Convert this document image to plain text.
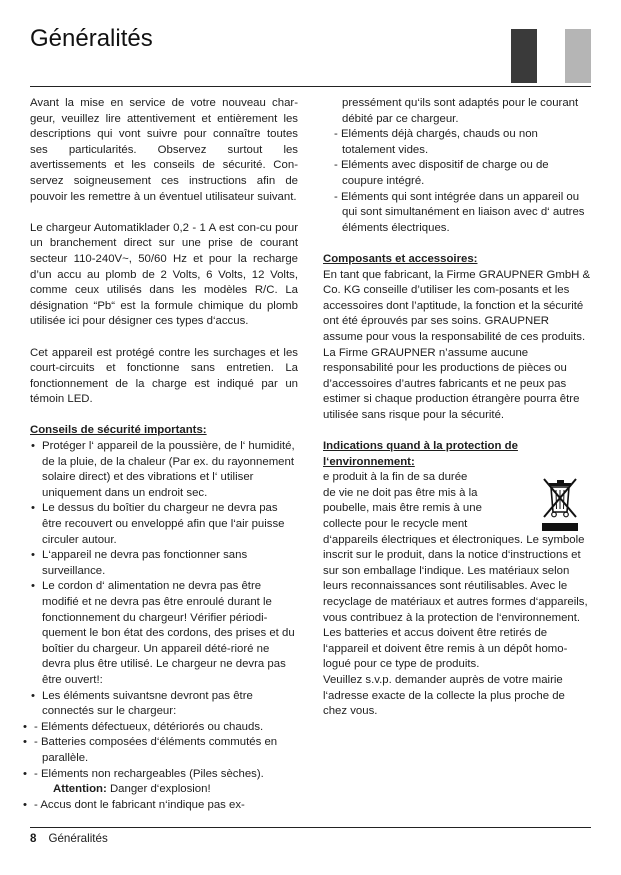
Généralités

Avant la mise en service de votre nouveau char-geur, veuillez lire attentivement et entièrement les descriptions qui vont suivre pour connaître toutes ses particularités. Observez surtout les avertissements et les conseils de sécurité. Con-servez soigneusement ces instructions afin de pouvoir les remettre à un éventuel utilisateur suivant.

Le chargeur Automatiklader 0,2 - 1 A est con-cu pour un branchement direct sur une prise de courant secteur 110-240V~, 50/60 Hz et pour la recharge d’un accu au plomb de 2 Volts, 6 Volts, 12 Volts, comme ceux utilisés dans les modèles R/C. La désignation “Pb“ est la formule chimique du plomb utilisée ici pour désigner ces types d‘accus.

Cet appareil est protégé contre les surchages et les court-circuits et fonctionne sans entretien. La fonctionnement de la charge est indiqué par un témoin LED.

Conseils de sécurité importants:

• Protéger l‘ appareil de la poussière, de l‘ humidité, de la pluie, de la chaleur (Par ex. du rayonnement solaire direct) et des vibrations et l‘ utiliser uniquement dans un endroit sec.
• Le dessus du boîtier du chargeur ne devra pas être recouvert ou enveloppé afin que l‘air puisse circuler autour.
• L‘appareil ne devra pas fonctionner sans surveillance.
• Le cordon d‘ alimentation ne devra pas être modifié et ne devra pas être enroulé durant le fonctionnement du chargeur! Vérifier périodi-quement le bon état des cordons, des prises et du boîtier du chargeur. Un appareil dété-rioré ne devra plus être utilisé. Le chargeur ne devra pas être ouvert!:
• Les éléments suivantsne devront pas être connectés sur le chargeur:
• - Eléments défectueux, détériorés ou chauds.
• - Batteries composées d‘éléments commutés en parallèle.
• - Eléments non rechargeables (Piles sèches).
Attention: Danger d‘explosion!
• - Accus dont le fabricant n‘indique pas ex-
pressément qu‘ils sont adaptés pour le courant débité par ce chargeur.
- Eléments déjà chargés, chauds ou non totalement vides.
- Eléments avec dispositif de charge ou de coupure intégré.
- Eléments qui sont intégrée dans un appareil ou qui sont simultanément en liaison avec d‘ autres éléments électriques.

Composants et accessoires:

En tant que fabricant, la Firme GRAUPNER GmbH & Co. KG conseille d’utiliser les com-posants et les accessoires dont l’aptitude, la fonction et la sécurité ont été éprouvés par ses soins. GRAUPNER assume pour vous la responsabilité de ces produits. La Firme GRAUPNER n’assume aucune responsabilité pour les productions de pièces ou d’accessoires d’autres fabricants et ne peux pas estimer si chaque production étrangère pourra être utilisée sans risque pour la sécurité.

Indications quand à la protection de l‘environnement:

e produit à la fin de sa durée
de vie ne doit pas être mis à la
poubelle, mais être remis à une
collecte pour le recycle ment

d‘appareils électriques et électroniques. Le symbole inscrit sur le produit, dans la notice d‘instructions et sur son emballage l‘indique. Les matériaux selon leurs reconnaissances sont réutilisables. Avec le recyclage de matériaux et autres formes d‘appareils, vous contribuez à la protection de l‘environnement.

Les batteries et accus doivent être retirés de l‘appareil et doivent être remis à un dépôt homo-logué pour ce type de produits.

Veuillez s.v.p. demander auprès de votre mairie l‘adresse exacte de la collecte la plus proche de chez vous.

8 Généralités
